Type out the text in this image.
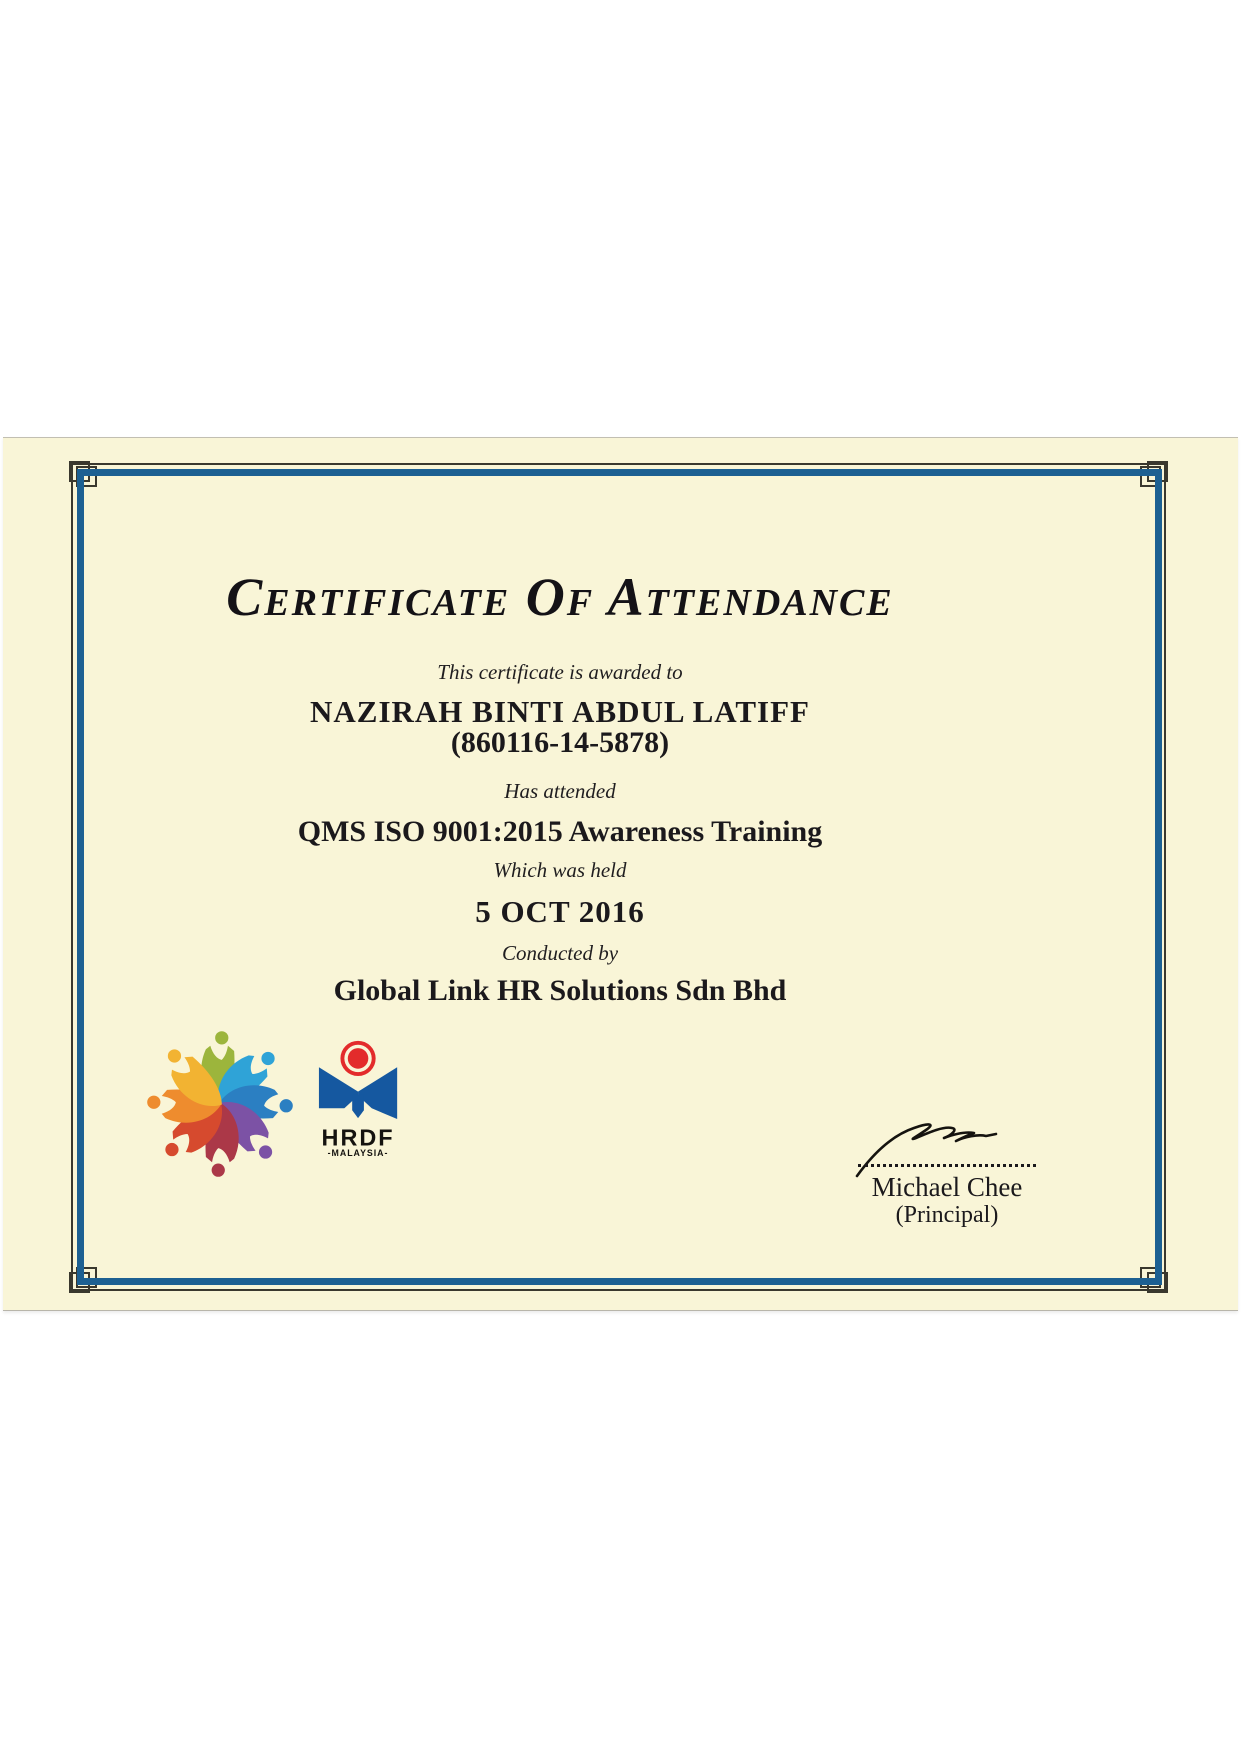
Certificate Of Attendance
This certificate is awarded to
NAZIRAH BINTI ABDUL LATIFF
(860116-14-5878)
Has attended
QMS ISO 9001:2015 Awareness Training
Which was held
5 OCT 2016
Conducted by
Global Link HR Solutions Sdn Bhd
HRDF
-MALAYSIA-
Michael Chee
(Principal)
